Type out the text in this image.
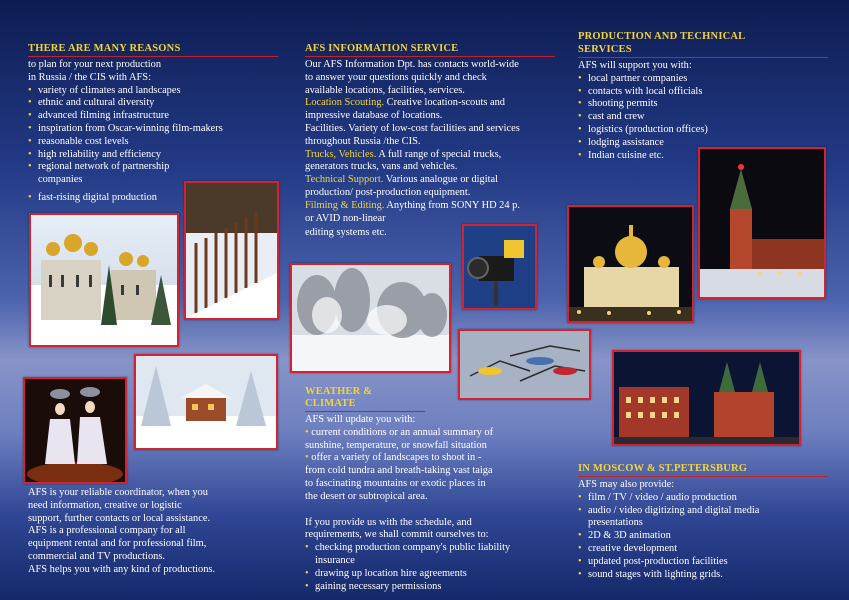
THERE ARE MANY REASONS

to plan for your next production

in Russia / the CIS with AFS:

• variety of climates and landscapes
• ethnic and cultural diversity
• advanced filming infrastructure
• inspiration from Oscar-winning film-makers
• reasonable cost levels
• high reliability and efficiency
• regional network of partnership
companies
• fast-rising digital production

AFS is your reliable coordinator, when you

need information, creative or logistic

support, further contacts or local assistance.

AFS is a professional company for all

equipment rental and for professional film,

commercial and TV productions.

AFS helps you with any kind of productions.

AFS INFORMATION SERVICE

Our AFS Information Dpt. has contacts world-wide

to answer your questions quickly and check

available locations, facilities, services.

Location Scouting. Creative location-scouts and

impressive database of locations.

Facilities. Variety of low-cost facilities and services

throughout Russia /the CIS.

Trucks, Vehicles. A full range of special trucks,

generators trucks, vans and vehicles.

Technical Support. Various analogue or digital

production/ post-production equipment.

Filming & Editing. Anything from SONY HD 24 p.

or AVID non-linear

editing systems etc.

WEATHER & CLIMATE

AFS will update you with:

• current conditions or an annual summary of

sunshine, temperature, or snowfall situation

• offer a variety of landscapes to shoot in -

from cold tundra and breath-taking vast taiga

to fascinating mountains or exotic places in

the desert or subtropical area.

If you provide us with the schedule, and

requirements, we shall commit ourselves to:

• checking production company's public liability
insurance
• drawing up location hire agreements
• gaining necessary permissions
PRODUCTION AND TECHNICAL
SERVICES

AFS will support you with:

• local partner companies
• contacts with local officials
• shooting permits
• cast and crew
• logistics (production offices)
• lodging assistance
• Indian cuisine etc.
IN MOSCOW & ST.PETERSBURG

AFS may also provide:

• film / TV / video / audio production
• audio / video digitizing and digital media
presentations
• 2D & 3D animation
• creative development
• updated post-production facilities
• sound stages with lighting grids.
